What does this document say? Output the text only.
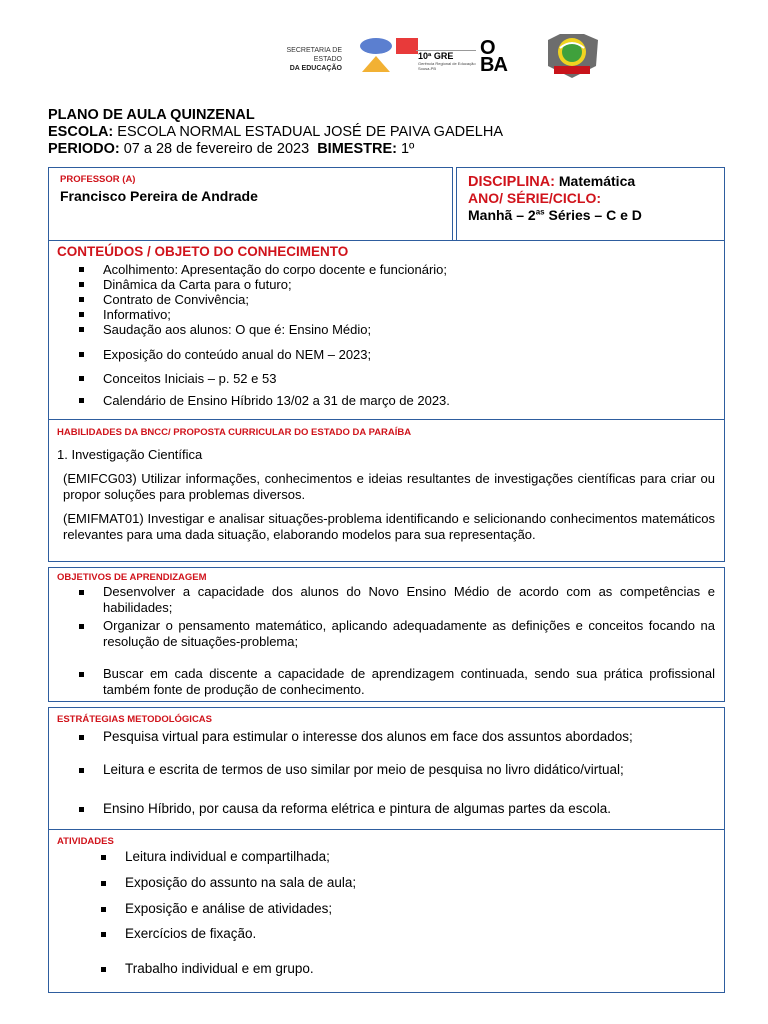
SECRETARIA DE ESTADO
DA EDUCAÇÃO
10ª GRE
Gerência Regional de Educação Sousa-PB
O
BA
PLANO DE AULA QUINZENAL
ESCOLA: ESCOLA NORMAL ESTADUAL JOSÉ DE PAIVA GADELHA
PERIODO: 07 a 28 de fevereiro de 2023 BIMESTRE: 1º
PROFESSOR (A)
Francisco Pereira de Andrade
DISCIPLINA: Matemática
ANO/ SÉRIE/CICLO:
Manhã – $2^{as}$ Séries – C e D
CONTEÚDOS / OBJETO DO CONHECIMENTO
Acolhimento: Apresentação do corpo docente e funcionário;
Dinâmica da Carta para o futuro;
Contrato de Convivência;
Informativo;
Saudação aos alunos: O que é: Ensino Médio;
Exposição do conteúdo anual do NEM – 2023;
Conceitos Iniciais – p. 52 e 53
Calendário de Ensino Híbrido 13/02 a 31 de março de 2023.
HABILIDADES DA BNCC/ PROPOSTA CURRICULAR DO ESTADO DA PARAÍBA
1. Investigação Científica
(EMIFCG03) Utilizar informações, conhecimentos e ideias resultantes de investigações científicas para criar ou propor soluções para problemas diversos.
(EMIFMAT01) Investigar e analisar situações-problema identificando e selicionando conhecimentos matemáticos relevantes para uma dada situação, elaborando modelos para sua representação.
OBJETIVOS DE APRENDIZAGEM
Desenvolver a capacidade dos alunos do Novo Ensino Médio de acordo com as competências e habilidades;
Organizar o pensamento matemático, aplicando adequadamente as definições e conceitos focando na resolução de situações-problema;
Buscar em cada discente a capacidade de aprendizagem continuada, sendo sua prática profissional também fonte de produção de conhecimento.
ESTRÁTEGIAS METODOLÓGICAS
Pesquisa virtual para estimular o interesse dos alunos em face dos assuntos abordados;
Leitura e escrita de termos de uso similar por meio de pesquisa no livro didático/virtual;
Ensino Híbrido, por causa da reforma elétrica e pintura de algumas partes da escola.
ATIVIDADES
Leitura individual e compartilhada;
Exposição do assunto na sala de aula;
Exposição e análise de atividades;
Exercícios de fixação.
Trabalho individual e em grupo.
